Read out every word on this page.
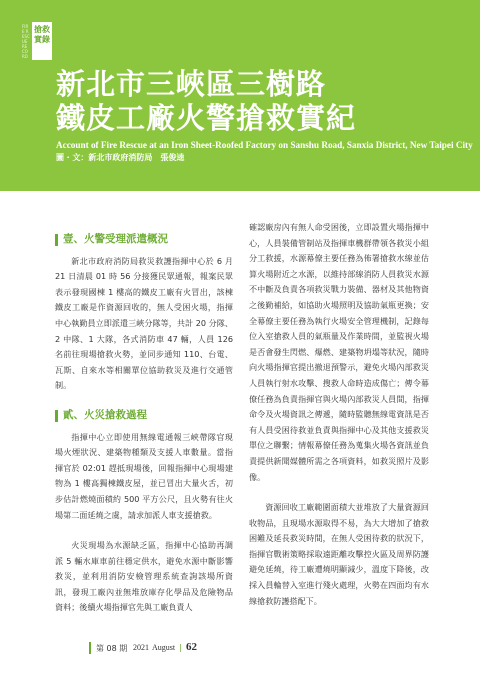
FIRE RESCUE RECORD
搶救
實錄
新北市三峽區三樹路
鐵皮工廠火警搶救實紀

Account of Fire Rescue at an Iron Sheet-Roofed Factory on Sanshu Road, Sanxia District, New Taipei City

圖 ‧ 文：新北市政府消防局　張俊逵
壹、火警受理派遣概況

新北市政府消防局救災救護指揮中心於 6 月 21 日清晨 01 時 56 分接獲民眾通報，報案民眾表示發現國棟 1 樓高的鐵皮工廠有火冒出，該棟鐵皮工廠是作資源回收的，無人受困火場，指揮中心執勤員立即派遣三峽分隊等，共計 20 分隊、2 中隊、1 大隊，各式消防車 47 輛，人員 126 名前往現場搶救火勢，並同步通知 110、台電、瓦斯、自來水等相關單位協助救災及進行交通管制。

貳、火災搶救過程

指揮中心立即使用無線電通報三峽帶隊官現場火煙狀況、建築物種類及支援人車數量。當指揮官於 02:01 趕抵現場後，回報指揮中心現場建物為 1 樓高獨棟鐵皮屋，並已冒出大量火舌，初步估計燃燒面積約 500 平方公尺，且火勢有往火場第二面延燒之虞，請求加派人車支援搶救。

火災現場為水源缺乏區，指揮中心協助再調派 5 輛水庫車前往穩定供水，避免水源中斷影響救災，並利用消防安檢管理系統查詢該場所資訊，發現工廠內並無堆放庫存化學品及危險物品資料；後續火場指揮官先與工廠負責人

確認廠房內有無人命受困後，立即設置火場指揮中心，人員裝備管制站及指揮車機群帶領各救災小組分工救援，水源幕僚主要任務為佈署搶救水線並估算火場附近之水源，以維持部線消防人員救災水源不中斷及負責各項救災戰力裝備、器材及其他物資之後勤補給，如協助火場照明及協助氣瓶更換；安全幕僚主要任務為執行火場安全管理機制，記錄每位入室搶救人員的氣瓶量及作業時間，並監視火場是否會發生閃燃、爆燃、建築物坍塌等狀況，隨時向火場指揮官提出撤退預警示，避免火場內部救災人員執行射水攻擊、搜救人命時造成傷亡；傳令幕僚任務為負責指揮官與火場內部救災人員間，指揮命令及火場資訊之傳遞，隨時監聽無線電資訊是否有人員受困待救並負責與指揮中心及其他支援救災單位之聯繫；情報幕僚任務為蒐集火場各資訊並負責提供新聞媒體所需之各項資料，如救災照片及影像。

資源回收工廠範圍面積大並堆放了大量資源回收物品，且現場水源取得不易，為大大增加了搶救困難及延長救災時間，在無人受困待救的狀況下，指揮官戰術策略採取遠距離攻擊控火區及周界防護避免延燒，待工廠遭燒明顯減少，溫度下降後，改採入員輪替入室進行殘火處理，火勢在四面均有水線搶救防護搭配下。

第 08 期 2021 August | 62
